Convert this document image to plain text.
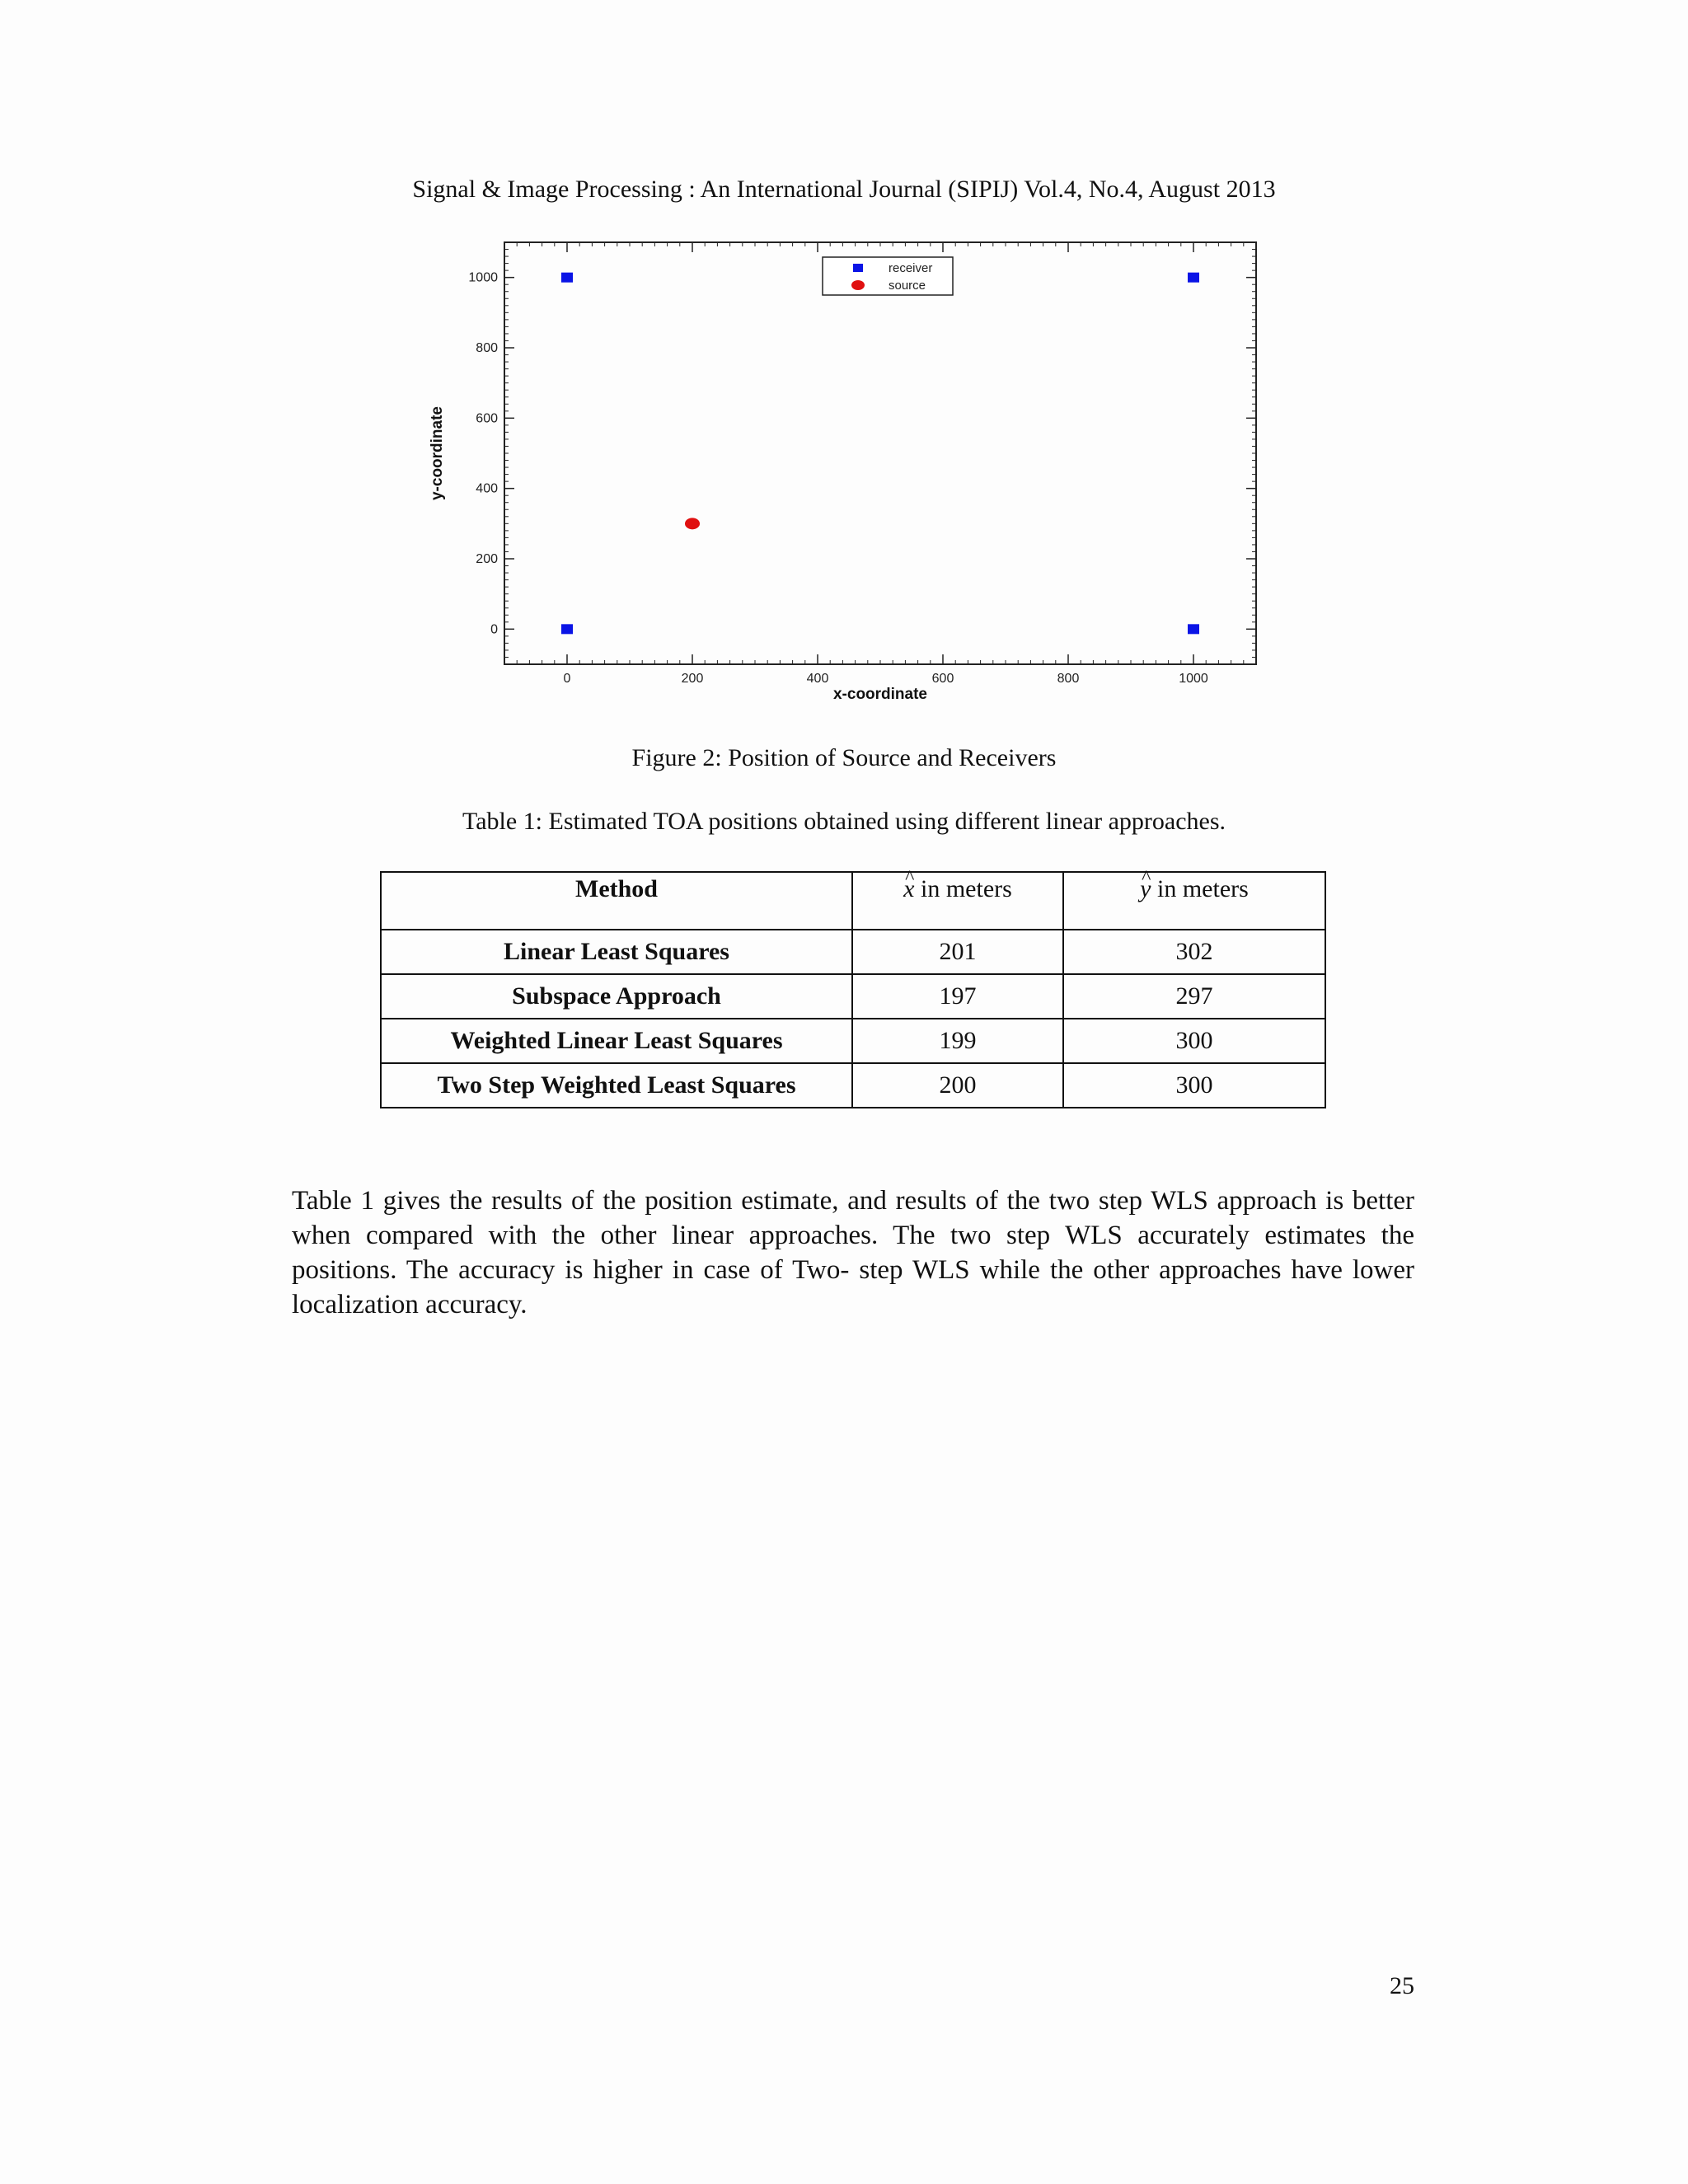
Signal & Image Processing : An International Journal (SIPIJ) Vol.4, No.4, August 2013
0	200	400	600	800	1000
0
200
400
600
800
1000
x-coordinate
y-coordinate
receiver
source
Figure 2: Position of Source and Receivers
Table 1: Estimated TOA positions obtained using different linear approaches.
Method	^ x in meters	^ y in meters
Linear Least Squares	201	302
Subspace Approach	197	297
Weighted Linear Least Squares	199	300
Two Step Weighted Least Squares	200	300
Table 1 gives the results of the position estimate, and results of the two step WLS approach is better when compared with the other linear approaches. The two step WLS accurately estimates the positions. The accuracy is higher in case of Two- step WLS while the other approaches have lower localization accuracy.
25
